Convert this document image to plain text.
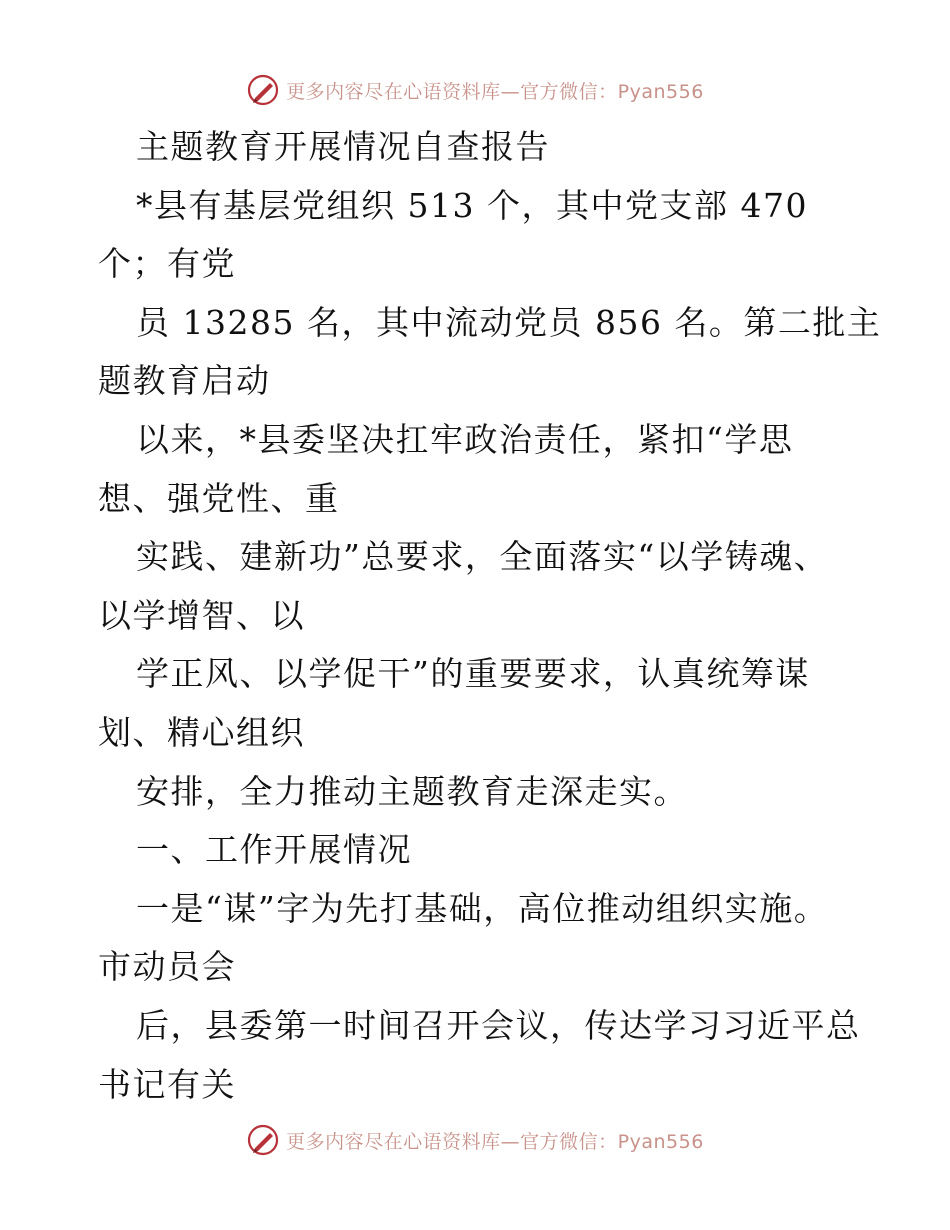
更多内容尽在心语资料库—官方微信：Pyan556
主题教育开展情况自查报告
*县有基层党组织 513 个，其中党支部 470
个；有党
员 13285 名，其中流动党员 856 名。第二批主
题教育启动
以来，*县委坚决扛牢政治责任，紧扣“学思
想、强党性、重
实践、建新功”总要求，全面落实“以学铸魂、
以学增智、以
学正风、以学促干”的重要要求，认真统筹谋
划、精心组织
安排，全力推动主题教育走深走实。
一、工作开展情况
一是“谋”字为先打基础，高位推动组织实施。
市动员会
后，县委第一时间召开会议，传达学习习近平总
书记有关
更多内容尽在心语资料库—官方微信：Pyan556
